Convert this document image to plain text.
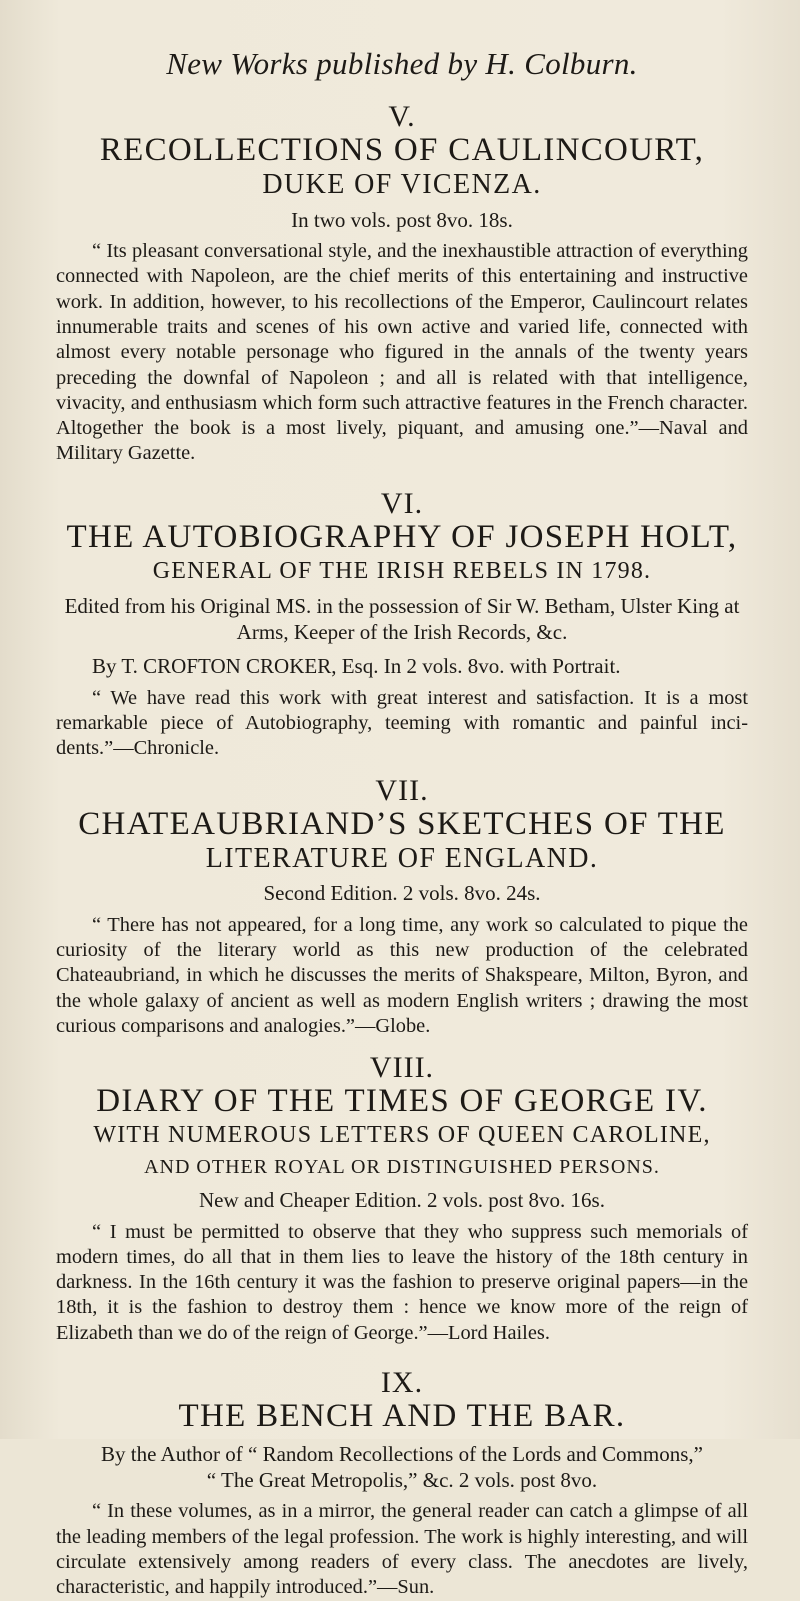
New Works published by H. Colburn.
V.
RECOLLECTIONS OF CAULINCOURT,
DUKE OF VICENZA.
In two vols. post 8vo. 18s.

“ Its pleasant conversational style, and the inexhaustible attraction of everything connected with Napoleon, are the chief merits of this entertaining and instructive work. In addition, however, to his recollections of the Emperor, Caulincourt relates innumerable traits and scenes of his own active and varied life, connected with almost every notable personage who figured in the annals of the twenty years preceding the downfal of Napoleon ; and all is related with that intelligence, vivacity, and enthusiasm which form such attractive features in the French character. Altogether the book is a most lively, piquant, and amusing one.”—Naval and Military Gazette.

VI.
THE AUTOBIOGRAPHY OF JOSEPH HOLT,
GENERAL OF THE IRISH REBELS IN 1798.
Edited from his Original MS. in the possession of Sir W. Betham, Ulster King at Arms, Keeper of the Irish Records, &c.
By T. CROFTON CROKER, Esq. In 2 vols. 8vo. with Portrait.

“ We have read this work with great interest and satisfaction. It is a most remarkable piece of Autobiography, teeming with romantic and painful incidents.”—Chronicle.

VII.
CHATEAUBRIAND’S SKETCHES OF THE
LITERATURE OF ENGLAND.
Second Edition. 2 vols. 8vo. 24s.

“ There has not appeared, for a long time, any work so calculated to pique the curiosity of the literary world as this new production of the celebrated Chateaubriand, in which he discusses the merits of Shakspeare, Milton, Byron, and the whole galaxy of ancient as well as modern English writers ; drawing the most curious comparisons and analogies.”—Globe.

VIII.
DIARY OF THE TIMES OF GEORGE IV.
WITH NUMEROUS LETTERS OF QUEEN CAROLINE,
AND OTHER ROYAL OR DISTINGUISHED PERSONS.
New and Cheaper Edition. 2 vols. post 8vo. 16s.

“ I must be permitted to observe that they who suppress such memorials of modern times, do all that in them lies to leave the history of the 18th century in darkness. In the 16th century it was the fashion to preserve original papers—in the 18th, it is the fashion to destroy them : hence we know more of the reign of Elizabeth than we do of the reign of George.”—Lord Hailes.

IX.
THE BENCH AND THE BAR.
By the Author of “ Random Recollections of the Lords and Commons,”
“ The Great Metropolis,” &c. 2 vols. post 8vo.

“ In these volumes, as in a mirror, the general reader can catch a glimpse of all the leading members of the legal profession. The work is highly interesting, and will circulate extensively among readers of every class. The anecdotes are lively, characteristic, and happily introduced.”—Sun.
